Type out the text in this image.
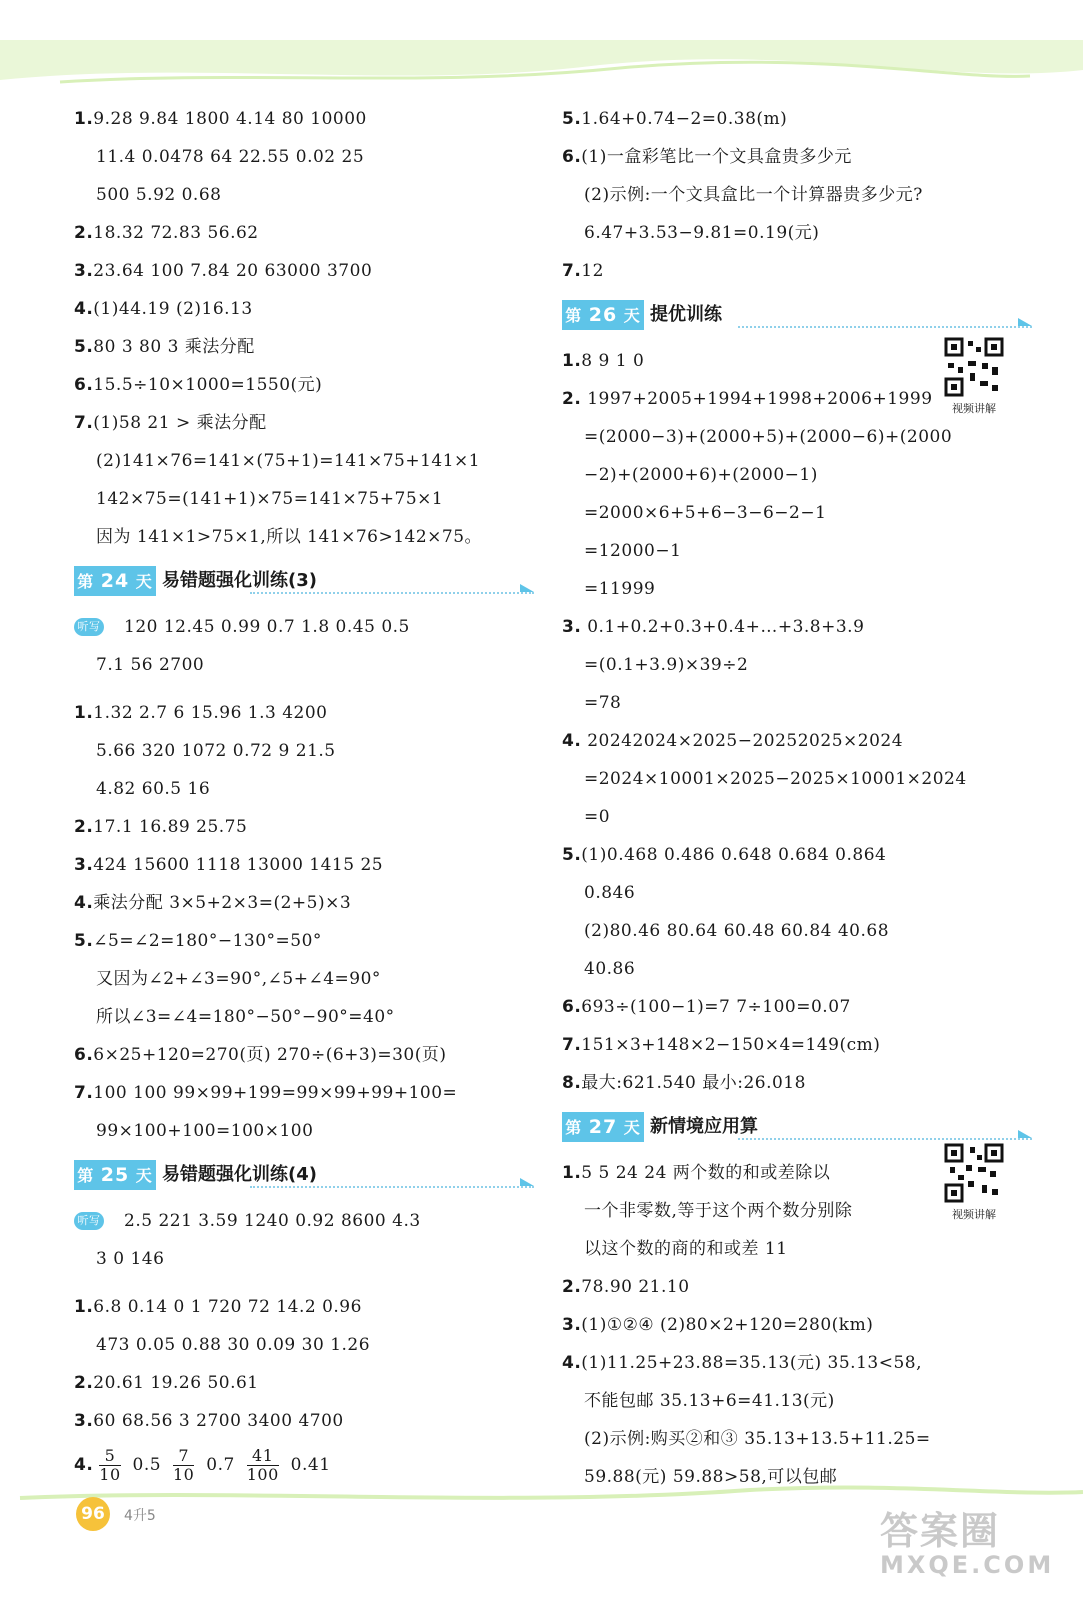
1.9.28 9.84 1800 4.14 80 10000
11.4 0.0478 64 22.55 0.02 25
500 5.92 0.68
2.18.32 72.83 56.62
3.23.64 100 7.84 20 63000 3700
4.(1)44.19 (2)16.13
5.80 3 80 3 乘法分配
6.15.5÷10×1000=1550(元)
7.(1)58 21 > 乘法分配
(2)141×76=141×(75+1)=141×75+141×1
142×75=(141+1)×75=141×75+75×1
因为 141×1>75×1,所以 141×76>142×75。
第 24 天 易错题强化训练(3)
听写 120 12.45 0.99 0.7 1.8 0.45 0.5
7.1 56 2700
1.1.32 2.7 6 15.96 1.3 4200
5.66 320 1072 0.72 9 21.5
4.82 60.5 16
2.17.1 16.89 25.75
3.424 15600 1118 13000 1415 25
4.乘法分配 3×5+2×3=(2+5)×3
5.∠5=∠2=180°−130°=50°
又因为∠2+∠3=90°,∠5+∠4=90°
所以∠3=∠4=180°−50°−90°=40°
6.6×25+120=270(页) 270÷(6+3)=30(页)
7.100 100 99×99+199=99×99+99+100=
99×100+100=100×100
第 25 天 易错题强化训练(4)
听写 2.5 221 3.59 1240 0.92 8600 4.3
3 0 146
1.6.8 0.14 0 1 720 72 14.2 0.96
473 0.05 0.88 30 0.09 30 1.26
2.20.61 19.26 50.61
3.60 68.56 3 2700 3400 4700
4. $\frac{5}{10} 0.5 \frac{7}{10} 0.7 \frac{41}{100} 0.41$
5.1.64+0.74−2=0.38(m)
6.(1)一盒彩笔比一个文具盒贵多少元
(2)示例:一个文具盒比一个计算器贵多少元?
6.47+3.53−9.81=0.19(元)
7.12
第 26 天 提优训练
1.8 9 1 0
2. 1997+2005+1994+1998+2006+1999
=(2000−3)+(2000+5)+(2000−6)+(2000
−2)+(2000+6)+(2000−1)
=2000×6+5+6−3−6−2−1
=12000−1
=11999
3. 0.1+0.2+0.3+0.4+…+3.8+3.9
=(0.1+3.9)×39÷2
=78
4. 20242024×2025−20252025×2024
=2024×10001×2025−2025×10001×2024
=0
5.(1)0.468 0.486 0.648 0.684 0.864
0.846
(2)80.46 80.64 60.48 60.84 40.68
40.86
6.693÷(100−1)=7 7÷100=0.07
7.151×3+148×2−150×4=149(cm)
8.最大:621.540 最小:26.018
第 27 天 新情境应用算
1.5 5 24 24 两个数的和或差除以
一个非零数,等于这个两个数分别除
以这个数的商的和或差 11
2.78.90 21.10
3.(1)①②④ (2)80×2+120=280(km)
4.(1)11.25+23.88=35.13(元) 35.13<58,
不能包邮 35.13+6=41.13(元)
(2)示例:购买②和③ 35.13+13.5+11.25=
59.88(元) 59.88>58,可以包邮
视频讲解
视频讲解
96	4升5	答案圈
MXQE.COM
